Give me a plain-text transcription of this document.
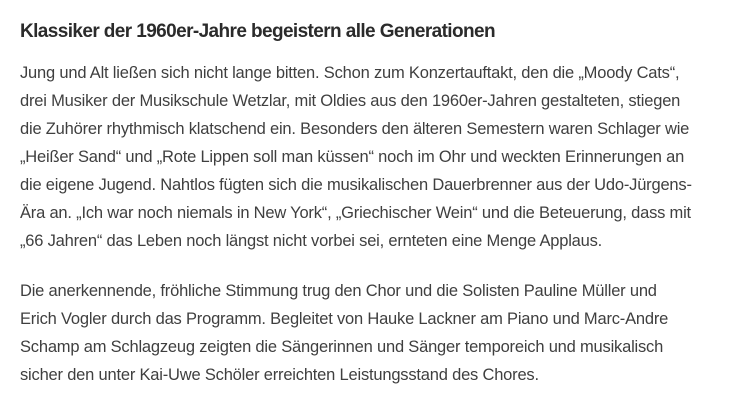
Klassiker der 1960er-Jahre begeistern alle Generationen

Jung und Alt ließen sich nicht lange bitten. Schon zum Konzertauftakt, den die „Moody Cats“,
drei Musiker der Musikschule Wetzlar, mit Oldies aus den 1960er-Jahren gestalteten, stiegen
die Zuhörer rhythmisch klatschend ein. Besonders den älteren Semestern waren Schlager wie
„Heißer Sand“ und „Rote Lippen soll man küssen“ noch im Ohr und weckten Erinnerungen an
die eigene Jugend. Nahtlos fügten sich die musikalischen Dauerbrenner aus der Udo-Jürgens-
Ära an. „Ich war noch niemals in New York“, „Griechischer Wein“ und die Beteuerung, dass mit
„66 Jahren“ das Leben noch längst nicht vorbei sei, ernteten eine Menge Applaus.

Die anerkennende, fröhliche Stimmung trug den Chor und die Solisten Pauline Müller und
Erich Vogler durch das Programm. Begleitet von Hauke Lackner am Piano und Marc-Andre
Schamp am Schlagzeug zeigten die Sängerinnen und Sänger temporeich und musikalisch
sicher den unter Kai-Uwe Schöler erreichten Leistungsstand des Chores.
